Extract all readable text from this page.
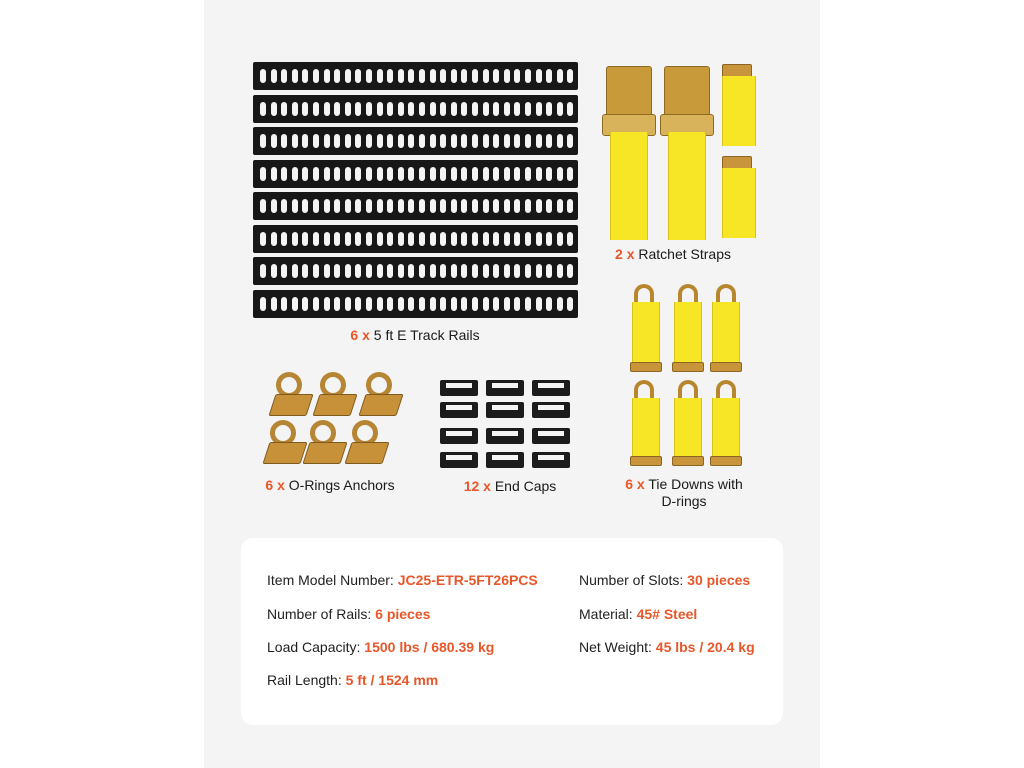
6 x 5 ft E Track Rails
2 x Ratchet Straps
6 x O-Rings Anchors	12 x End Caps	6 x Tie Downs with
D-rings
Item Model Number: JC25-ETR-5FT26PCS	Number of Slots: 30 pieces
Number of Rails: 6 pieces	Material: 45# Steel
Load Capacity: 1500 lbs / 680.39 kg	Net Weight: 45 lbs / 20.4 kg
Rail Length: 5 ft / 1524 mm
